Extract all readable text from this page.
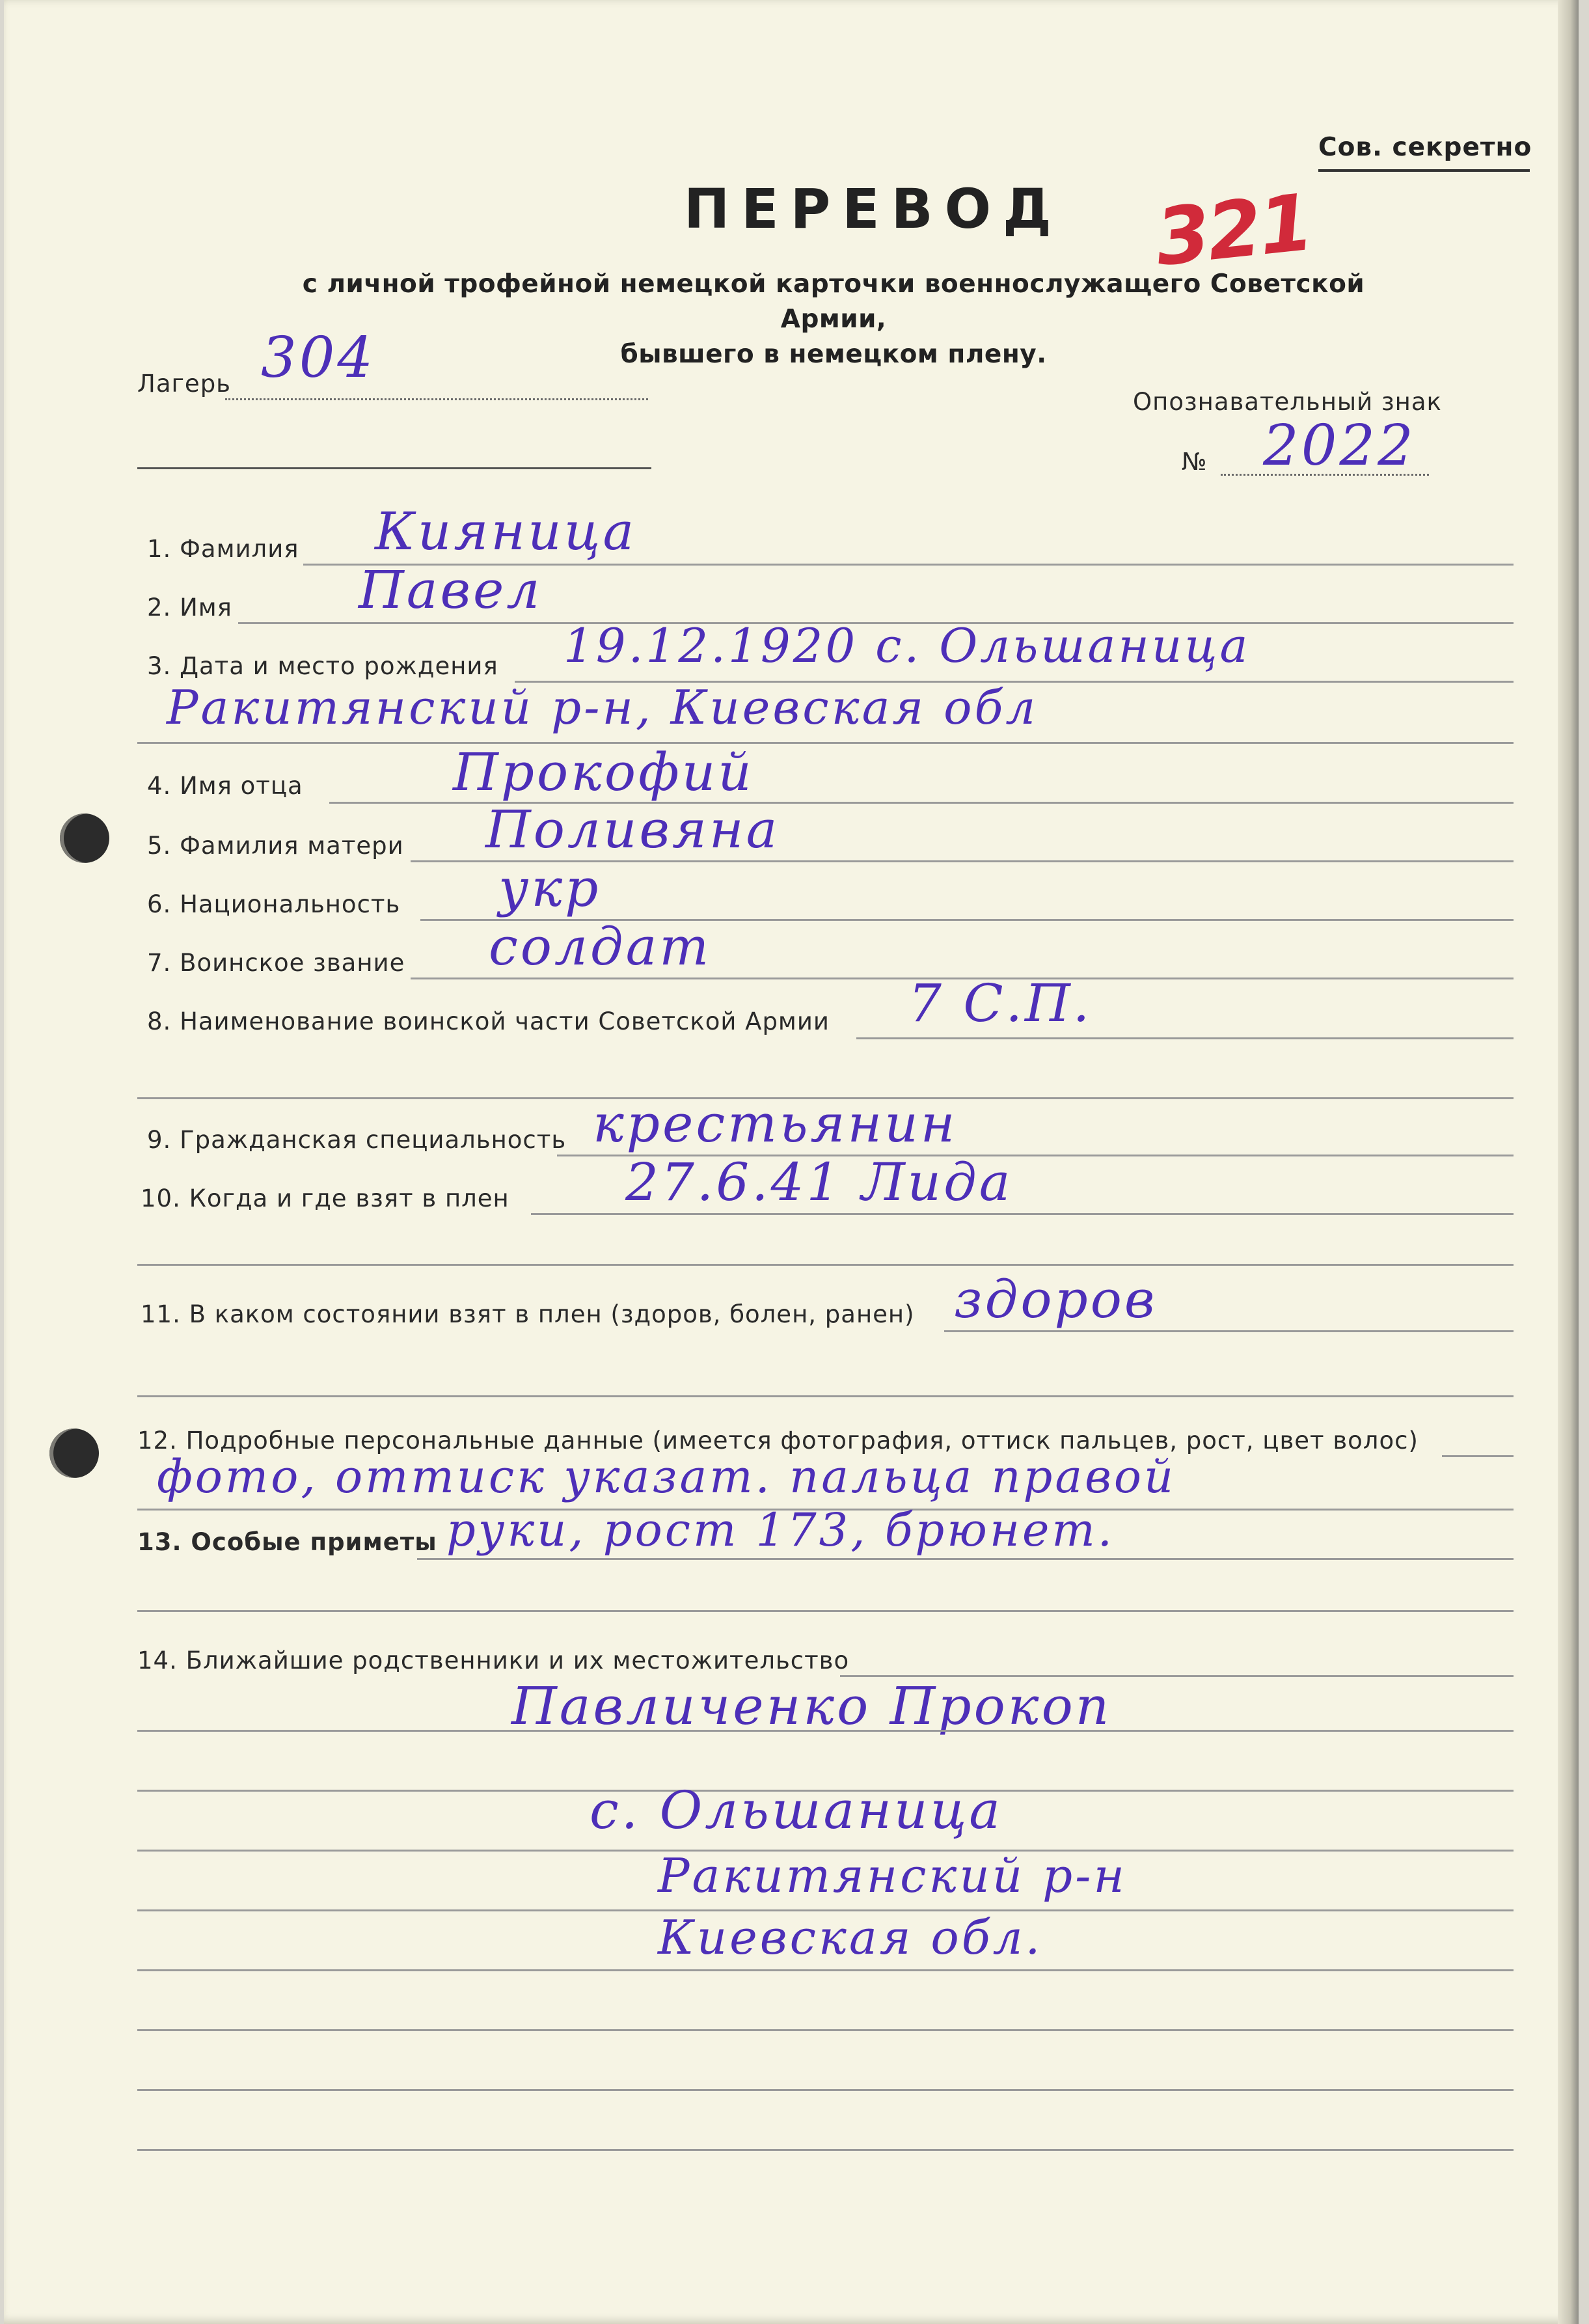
Сов. секретно
ПЕРЕВОД 321
с личной трофейной немецкой карточки военнослужащего Советской Армии,
бывшего в немецком плену.
Лагерь 304
Опознавательный знак
№ 2022
1. Фамилия Кияница
2. Имя Павел
3. Дата и место рождения 19.12.1920 с. Ольшаница
Ракитянский р-н, Киевская обл
4. Имя отца	Прокофий
5. Фамилия матери Поливяна
6. Национальность укр
7. Воинское звание солдат
8. Наименование воинской части Советской Армии 7 С.П.
9. Гражданская специальность крестьянин
10. Когда и где взят в плен 27.6.41 Лида
11. В каком состоянии взят в плен (здоров, болен, ранен) здоров
12. Подробные персональные данные (имеется фотография, оттиск пальцев, рост, цвет волос)
фото, оттиск указат. пальца правой
13. Особые приметы руки, рост 173, брюнет.
14. Ближайшие родственники и их местожительство
Павличенко Прокоп
с. Ольшаница
Ракитянский р-н
Киевская обл.
